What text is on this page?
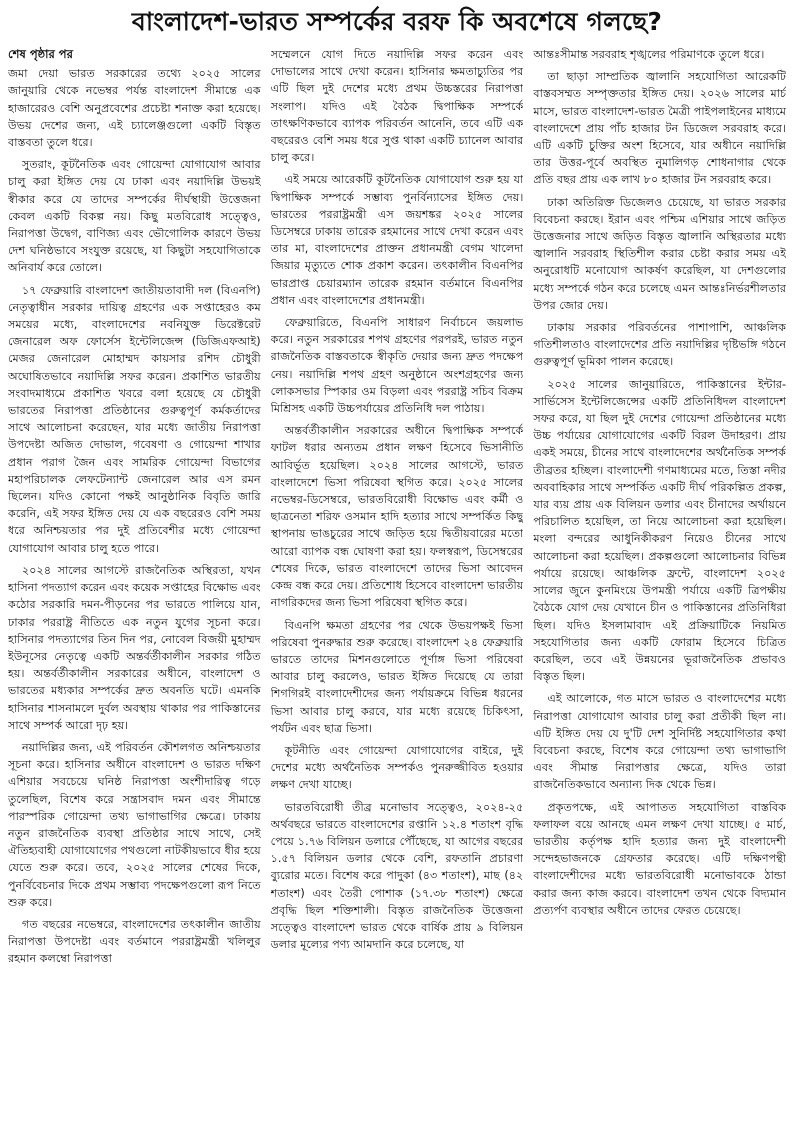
বাংলাদেশ-ভারত সম্পর্কের বরফ কি অবশেষে গলছে?
শেষ পৃষ্ঠার পর

জমা দেয়া ভারত সরকারের তথ্যে ২০২৫ সালের জানুয়ারি থেকে নভেম্বর পর্যন্ত বাংলাদেশ সীমান্তে এক হাজারেরও বেশি অনুপ্রবেশের প্রচেষ্টা শনাক্ত করা হয়েছে। উভয় দেশের জন্য, এই চ্যালেঞ্জগুলো একটি বিস্তৃত বাস্তবতা তুলে ধরে।

সুতরাং, কূটনৈতিক এবং গোয়েন্দা যোগাযোগ আবার চালু করা ইঙ্গিত দেয় যে ঢাকা এবং নয়াদিল্লি উভয়ই স্বীকার করে যে তাদের সম্পর্কের দীর্ঘস্থায়ী উত্তেজনা কেবল একটি বিকল্প নয়। কিছু মতবিরোধ সত্ত্বেও, নিরাপত্তা উদ্বেগ, বাণিজ্য এবং ভৌগোলিক কারণে উভয় দেশ ঘনিষ্ঠভাবে সংযুক্ত রয়েছে, যা কিছুটা সহযোগিতাকে অনিবার্য করে তোলে।

১৭ ফেব্রুয়ারি বাংলাদেশ জাতীয়তাবাদী দল (বিএনপি) নেতৃত্বাধীন সরকার দায়িত্ব গ্রহণের এক সপ্তাহেরও কম সময়ের মধ্যে, বাংলাদেশের নবনিযুক্ত ডিরেক্টরেট জেনারেল অফ ফোর্সেস ইন্টেলিজেন্স (ডিজিএফআই) মেজর জেনারেল মোহাম্মদ কায়সার রশিদ চৌধুরী অঘোষিতভাবে নয়াদিল্লি সফর করেন। প্রকাশিত ভারতীয় সংবাদমাধ্যমে প্রকাশিত খবরে বলা হয়েছে যে চৌধুরী ভারতের নিরাপত্তা প্রতিষ্ঠানের গুরুত্বপূর্ণ কর্মকর্তাদের সাথে আলোচনা করেছেন, যার মধ্যে জাতীয় নিরাপত্তা উপদেষ্টা অজিত দোভাল, গবেষণা ও গোয়েন্দা শাখার প্রধান পরাগ জৈন এবং সামরিক গোয়েন্দা বিভাগের মহাপরিচালক লেফটেন্যান্ট জেনারেল আর এস রমন ছিলেন। যদিও কোনো পক্ষই আনুষ্ঠানিক বিবৃতি জারি করেনি, এই সফর ইঙ্গিত দেয় যে এক বছরেরও বেশি সময় ধরে অনিশ্চয়তার পর দুই প্রতিবেশীর মধ্যে গোয়েন্দা যোগাযোগ আবার চালু হতে পারে।

২০২৪ সালের আগস্টে রাজনৈতিক অস্থিরতা, যখন হাসিনা পদত্যাগ করেন এবং কয়েক সপ্তাহের বিক্ষোভ এবং কঠোর সরকারি দমন-পীড়নের পর ভারতে পালিয়ে যান, ঢাকার পররাষ্ট্র নীতিতে এক নতুন যুগের সূচনা করে। হাসিনার পদত্যাগের তিন দিন পর, নোবেল বিজয়ী মুহাম্মদ ইউনূসের নেতৃত্বে একটি অন্তর্বর্তীকালীন সরকার গঠিত হয়। অন্তর্বর্তীকালীন সরকারের অধীনে, বাংলাদেশ ও ভারতের মধ্যকার সম্পর্কের দ্রুত অবনতি ঘটে। এমনকি হাসিনার শাসনামলে দুর্বল অবস্থায় থাকার পর পাকিস্তানের সাথে সম্পর্ক আরো দৃঢ় হয়।

নয়াদিল্লির জন্য, এই পরিবর্তন কৌশলগত অনিশ্চয়তার সূচনা করে। হাসিনার অধীনে বাংলাদেশ ও ভারত দক্ষিণ এশিয়ার সবচেয়ে ঘনিষ্ঠ নিরাপত্তা অংশীদারিত্ব গড়ে তুলেছিল, বিশেষ করে সন্ত্রাসবাদ দমন এবং সীমান্তে পারস্পরিক গোয়েন্দা তথ্য ভাগাভাগির ক্ষেত্রে। ঢাকায় নতুন রাজনৈতিক ব্যবস্থা প্রতিষ্ঠার সাথে সাথে, সেই ঐতিহ্যবাহী যোগাযোগের পথগুলো নাটকীয়ভাবে ধীর হয়ে যেতে শুরু করে। তবে, ২০২৫ সালের শেষের দিকে, পুনর্বিবেচনার দিকে প্রথম সম্ভাব্য পদক্ষেপগুলো রূপ নিতে শুরু করে।

গত বছরের নভেম্বরে, বাংলাদেশের তৎকালীন জাতীয় নিরাপত্তা উপদেষ্টা এবং বর্তমানে পররাষ্ট্রমন্ত্রী খলিলুর রহমান কলম্বো নিরাপত্তা

সম্মেলনে যোগ দিতে নয়াদিল্লি সফর করেন এবং দোভালের সাথে দেখা করেন। হাসিনার ক্ষমতাচ্যুতির পর এটি ছিল দুই দেশের মধ্যে প্রথম উচ্চস্তরের নিরাপত্তা সংলাপ। যদিও এই বৈঠক দ্বিপাক্ষিক সম্পর্কে তাৎক্ষণিকভাবে ব্যাপক পরিবর্তন আনেনি, তবে এটি এক বছরেরও বেশি সময় ধরে সুপ্ত থাকা একটি চ্যানেল আবার চালু করে।

এই সময়ে আরেকটি কূটনৈতিক যোগাযোগ শুরু হয় যা দ্বিপাক্ষিক সম্পর্কে সম্ভাব্য পুনর্বিন্যাসের ইঙ্গিত দেয়। ভারতের পররাষ্ট্রমন্ত্রী এস জয়শঙ্কর ২০২৫ সালের ডিসেম্বরে ঢাকায় তারেক রহমানের সাথে দেখা করেন এবং তার মা, বাংলাদেশের প্রাক্তন প্রধানমন্ত্রী বেগম খালেদা জিয়ার মৃত্যুতে শোক প্রকাশ করেন। তৎকালীন বিএনপির ভারপ্রাপ্ত চেয়ারম্যান তারেক রহমান বর্তমানে বিএনপির প্রধান এবং বাংলাদেশের প্রধানমন্ত্রী।

ফেব্রুয়ারিতে, বিএনপি সাধারণ নির্বাচনে জয়লাভ করে। নতুন সরকারের শপথ গ্রহণের পরপরই, ভারত নতুন রাজনৈতিক বাস্তবতাকে স্বীকৃতি দেয়ার জন্য দ্রুত পদক্ষেপ নেয়। নয়াদিল্লি শপথ গ্রহণ অনুষ্ঠানে অংশগ্রহণের জন্য লোকসভার স্পিকার ওম বিড়লা এবং পররাষ্ট্র সচিব বিক্রম মিশ্রিসহ একটি উচ্চপর্যায়ের প্রতিনিধি দল পাঠায়।

অন্তর্বর্তীকালীন সরকারের অধীনে দ্বিপাক্ষিক সম্পর্কে ফাটল ধরার অন্যতম প্রধান লক্ষণ হিসেবে ভিসানীতি আবির্ভূত হয়েছিল। ২০২৪ সালের আগস্টে, ভারত বাংলাদেশে ভিসা পরিষেবা স্থগিত করে। ২০২৫ সালের নভেম্বর-ডিসেম্বরে, ভারতবিরোধী বিক্ষোভ এবং কর্মী ও ছাত্রনেতা শরিফ ওসমান হাদি হত্যার সাথে সম্পর্কিত কিছু স্থাপনায় ভাঙচুরের সাথে জড়িত হয়ে দ্বিতীয়বারের মতো আরো ব্যাপক বন্ধ ঘোষণা করা হয়। ফলস্বরূপ, ডিসেম্বরের শেষের দিকে, ভারত বাংলাদেশে তাদের ভিসা আবেদন কেন্দ্র বন্ধ করে দেয়। প্রতিশোধ হিসেবে বাংলাদেশ ভারতীয় নাগরিকদের জন্য ভিসা পরিষেবা স্থগিত করে।

বিএনপি ক্ষমতা গ্রহণের পর থেকে উভয়পক্ষই ভিসা পরিষেবা পুনরুদ্ধার শুরু করেছে। বাংলাদেশ ২৪ ফেব্রুয়ারি ভারতে তাদের মিশনগুলোতে পূর্ণাঙ্গ ভিসা পরিষেবা আবার চালু করলেও, ভারত ইঙ্গিত দিয়েছে যে তারা শিগগিরই বাংলাদেশীদের জন্য পর্যায়ক্রমে বিভিন্ন ধরনের ভিসা আবার চালু করবে, যার মধ্যে রয়েছে চিকিৎসা, পর্যটন এবং ছাত্র ভিসা।

কূটনীতি এবং গোয়েন্দা যোগাযোগের বাইরে, দুই দেশের মধ্যে অর্থনৈতিক সম্পর্কও পুনরুজ্জীবিত হওয়ার লক্ষণ দেখা যাচ্ছে।

ভারতবিরোধী তীব্র মনোভাব সত্ত্বেও, ২০২৪-২৫ অর্থবছরে ভারতে বাংলাদেশের রপ্তানি ১২.৪ শতাংশ বৃদ্ধি পেয়ে ১.৭৬ বিলিয়ন ডলারে পৌঁছেছে, যা আগের বছরের ১.৫৭ বিলিয়ন ডলার থেকে বেশি, রফতানি প্রচারণা ব্যুরোর মতে। বিশেষ করে পাদুকা (৪৩ শতাংশ), মাছ (৪২ শতাংশ) এবং তৈরী পোশাক (১৭.৩৮ শতাংশ) ক্ষেত্রে প্রবৃদ্ধি ছিল শক্তিশালী। বিস্তৃত রাজনৈতিক উত্তেজনা সত্ত্বেও বাংলাদেশ ভারত থেকে বার্ষিক প্রায় ৯ বিলিয়ন ডলার মূল্যের পণ্য আমদানি করে চলেছে, যা

আন্তঃসীমান্ত সরবরাহ শৃঙ্খলের পরিমাণকে তুলে ধরে।

তা ছাড়া সাম্প্রতিক জ্বালানি সহযোগিতা আরেকটি বাস্তবসম্মত সম্পৃক্ততার ইঙ্গিত দেয়। ২০২৬ সালের মার্চ মাসে, ভারত বাংলাদেশ-ভারত মৈত্রী পাইপলাইনের মাধ্যমে বাংলাদেশে প্রায় পাঁচ হাজার টন ডিজেল সরবরাহ করে। এটি একটি চুক্তির অংশ হিসেবে, যার অধীনে নয়াদিল্লি তার উত্তর-পূর্বে অবস্থিত নুমালিগড় শোধনাগার থেকে প্রতি বছর প্রায় এক লাখ ৮০ হাজার টন সরবরাহ করে।

ঢাকা অতিরিক্ত ডিজেলও চেয়েছে, যা ভারত সরকার বিবেচনা করছে। ইরান এবং পশ্চিম এশিয়ার সাথে জড়িত উত্তেজনার সাথে জড়িত বিস্তৃত জ্বালানি অস্থিরতার মধ্যে জ্বালানি সরবরাহ স্থিতিশীল করার চেষ্টা করার সময় এই অনুরোধটি মনোযোগ আকর্ষণ করেছিল, যা দেশগুলোর মধ্যে সম্পর্কে গঠন করে চলেছে এমন আন্তঃনির্ভরশীলতার উপর জোর দেয়।

ঢাকায় সরকার পরিবর্তনের পাশাপাশি, আঞ্চলিক গতিশীলতাও বাংলাদেশের প্রতি নয়াদিল্লির দৃষ্টিভঙ্গি গঠনে গুরুত্বপূর্ণ ভূমিকা পালন করেছে।

২০২৫ সালের জানুয়ারিতে, পাকিস্তানের ইন্টার-সার্ভিসেস ইন্টেলিজেন্সের একটি প্রতিনিধিদল বাংলাদেশ সফর করে, যা ছিল দুই দেশের গোয়েন্দা প্রতিষ্ঠানের মধ্যে উচ্চ পর্যায়ের যোগাযোগের একটি বিরল উদাহরণ। প্রায় একই সময়ে, চীনের সাথে বাংলাদেশের অর্থনৈতিক সম্পর্ক তীব্রতর হচ্ছিল। বাংলাদেশী গণমাধ্যমের মতে, তিস্তা নদীর অববাহিকার সাথে সম্পর্কিত একটি দীর্ঘ পরিকল্পিত প্রকল্প, যার ব্যয় প্রায় এক বিলিয়ন ডলার এবং চীনাদের অর্থায়নে পরিচালিত হয়েছিল, তা নিয়ে আলোচনা করা হয়েছিল। মংলা বন্দরের আধুনিকীকরণ নিয়েও চীনের সাথে আলোচনা করা হয়েছিল। প্রকল্পগুলো আলোচনার বিভিন্ন পর্যায়ে রয়েছে। আঞ্চলিক ফ্রন্টে, বাংলাদেশ ২০২৫ সালের জুনে কুনমিংয়ে উপমন্ত্রী পর্যায়ে একটি ত্রিপক্ষীয় বৈঠকে যোগ দেয় যেখানে চীন ও পাকিস্তানের প্রতিনিধিরা ছিল। যদিও ইসলামাবাদ এই প্রক্রিয়াটিকে নিয়মিত সহযোগিতার জন্য একটি ফোরাম হিসেবে চিত্রিত করেছিল, তবে এই উন্নয়নের ভূরাজনৈতিক প্রভাবও বিস্তৃত ছিল।

এই আলোকে, গত মাসে ভারত ও বাংলাদেশের মধ্যে নিরাপত্তা যোগাযোগ আবার চালু করা প্রতীকী ছিল না। এটি ইঙ্গিত দেয় যে দু'টি দেশ সুনির্দিষ্ট সহযোগিতার কথা বিবেচনা করছে, বিশেষ করে গোয়েন্দা তথ্য ভাগাভাগি এবং সীমান্ত নিরাপত্তার ক্ষেত্রে, যদিও তারা রাজনৈতিকভাবে অন্যান্য দিক থেকে ভিন্ন।

প্রকৃতপক্ষে, এই আপাতত সহযোগিতা বাস্তবিক ফলাফল বয়ে আনছে এমন লক্ষণ দেখা যাচ্ছে। ৫ মার্চ, ভারতীয় কর্তৃপক্ষ হাদি হত্যার জন্য দুই বাংলাদেশী সন্দেহভাজনকে গ্রেফতার করেছে। এটি দক্ষিণপন্থী বাংলাদেশীদের মধ্যে ভারতবিরোধী মনোভাবকে ঠান্ডা করার জন্য কাজ করবে। বাংলাদেশ তখন থেকে বিদ্যমান প্রত্যর্পণ ব্যবস্থার অধীনে তাদের ফেরত চেয়েছে।
